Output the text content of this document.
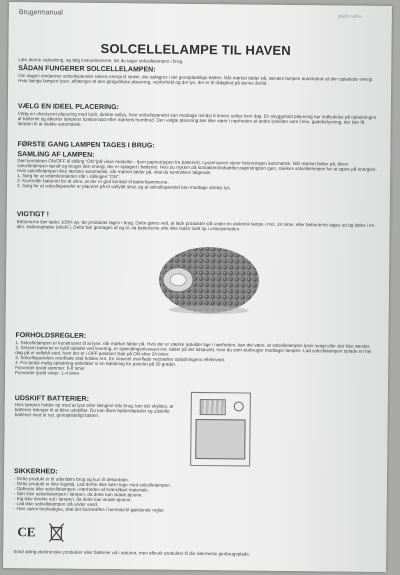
Brugermanual	gbaldi møbler
SOLCELLELAMPE TIL HAVEN
Læs denne vejledning, og følg instruktionerne, før du tager solcellelampen i brug.
SÅDAN FUNGERER SOLCELLELAMPEN:
Om dagen omdanner solcellepanelet solens energi til strøm, der oplagres i det genopladelige batteri. Når mørket falder på, tændes lampen automatisk af den opladede energi. Hvor længe lampen lyser, afhænger af den geografiske placering, vejrforhold og det lys, der er til rådighed på denne årstid.
VÆLG EN IDEEL PLACERING:
Vælg en uforstyrret placering med fuldt, direkte sollys, hvor solcellepanelet kan modtage mindst 6 timers sollys hver dag. En skyggefuld placering har indflydelse på opladningen af batteriet og afkorter lampens funktionstid efter mørkets frembrud. Den valgte placering bør ikke være i nærheden af andre lyskilder som f.eks. gadebelysning, der kan få lampen til at slukke automatisk.
FØRSTE GANG LAMPEN TAGES I BRUG:
SAMLING AF LAMPEN:
Sæt kontakten ON/OFF til stilling "ON"(på visse modeller - fjern papirstrippen fra batteriet). Lyssensoren styrer belysningen automatisk. Når mørket falder på, bliver solcellelampen tændt og bruger den energi, der er oplagret i batteriet. Hvis du trykker på kontakten/indsætter papirstrippen igen, slukkes solcellelampen for at spare på energien.
Hvis solcellelampen ikke tændes automatisk, når mørket falder på, skal du kontrollere følgende:
1. Sørg for at strømkontakten står i stillingen "ON".
2. Kontrollér batteriet for at sikre, at der er god kontakt til batterikammerne.
3. Sørg for at solcellepanelet er placeret på et solfyldt sted, og at solcellepanelet kan modtage direkte lys.
VIGTIGT !
Batterierne bør lades 100% op, før produktet tages i brug. Dette gøres ved, at lade produktet stå under en elektrisk lampe i min. 24 timer, eller batterierne tages ud og lades i en alm. batterioplader (ekskl.). Dette bør gentages af og til, da batterierne ofte ikke lades fuldt op i vinterperioden.
FORHOLDSREGLER:
1. Solcellelampen er konstrueret til at lyse, når mørket falder på. Hvis der er stærke lyskilder lige i nærheden, kan det være, at solcellelampen lyser svagt eller slet ikke tænder.
2. Selvom batteriet er fuldt opladet ved levering, er spændingsniveauet evt. faldet på det tidspunkt, hvor du som slutbruger modtager lampen. Lad solcellelampen oplade en hel dag på et solfyldt sted, hvor der er i OFF position! Sæt på ON efter 24 timer.
3. Solcellepanelets overflade skal holdes ren. En snavset overflade nedsætter opladningens effektivitet.
4. For bedst mulig opladning anbefaler vi en hældning for panelet på 30 grader.
Forventet lystid sommer: 6-8 timer
Forventet lystid vinter: 1-4 timer
UDSKIFT BATTERIER:
Hvis lampen holder op med at lyse efter længere tids brug, kan det skyldes, at batteriet trænger til at blive udskiftet. Du kan åbne batteridækslet og udskifte batteriet med et nyt, genopladeligt batteri.
SIKKERHED:
- Dette produkt er til udendørs brug og kun til dekoration.
- Dette produkt er ikke legetøj. Lad derfor ikke børn lege med solcellelampen.
- Opbevar ikke solcellelampen i nærheden af brændbart materiale.
- Sæt ikke solcellelampen i lampen, da dette kan skade øjnene.
- Kig ikke direkte ind i lampen, da dette kan skade øjnene.
- Lad ikke solcellelampen stå under vand.
- Hvis varen beskadiges, skal det bortskaffes i henhold til gældende regler.
CE
Smid aldrig elektroniske produkter eller batterier ud i naturen, men aflevér produktet til din nærmeste genbrugsplads.
